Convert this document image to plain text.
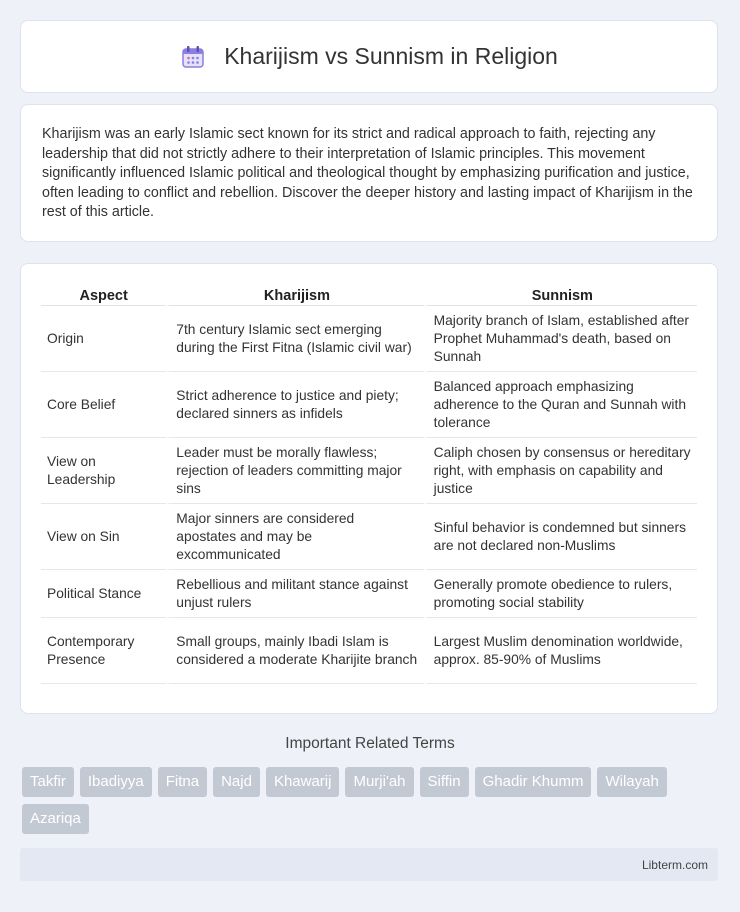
Kharijism vs Sunnism in Religion

Kharijism was an early Islamic sect known for its strict and radical approach to faith, rejecting any leadership that did not strictly adhere to their interpretation of Islamic principles. This movement significantly influenced Islamic political and theological thought by emphasizing purification and justice, often leading to conflict and rebellion. Discover the deeper history and lasting impact of Kharijism in the rest of this article.

Aspect	Kharijism	Sunnism
Origin	7th century Islamic sect emerging during the First Fitna (Islamic civil war)	Majority branch of Islam, established after Prophet Muhammad's death, based on Sunnah
Core Belief	Strict adherence to justice and piety; declared sinners as infidels	Balanced approach emphasizing adherence to the Quran and Sunnah with tolerance
View on Leadership	Leader must be morally flawless; rejection of leaders committing major sins	Caliph chosen by consensus or hereditary right, with emphasis on capability and justice
View on Sin	Major sinners are considered apostates and may be excommunicated	Sinful behavior is condemned but sinners are not declared non-Muslims
Political Stance	Rebellious and militant stance against unjust rulers	Generally promote obedience to rulers, promoting social stability
Contemporary Presence	Small groups, mainly Ibadi Islam is considered a moderate Kharijite branch	Largest Muslim denomination worldwide, approx. 85-90% of Muslims
Important Related Terms
Takfir	Ibadiyya	Fitna	Najd	Khawarij	Murji'ah	Siffin	Ghadir Khumm	Wilayah
Azariqa
Libterm.com
